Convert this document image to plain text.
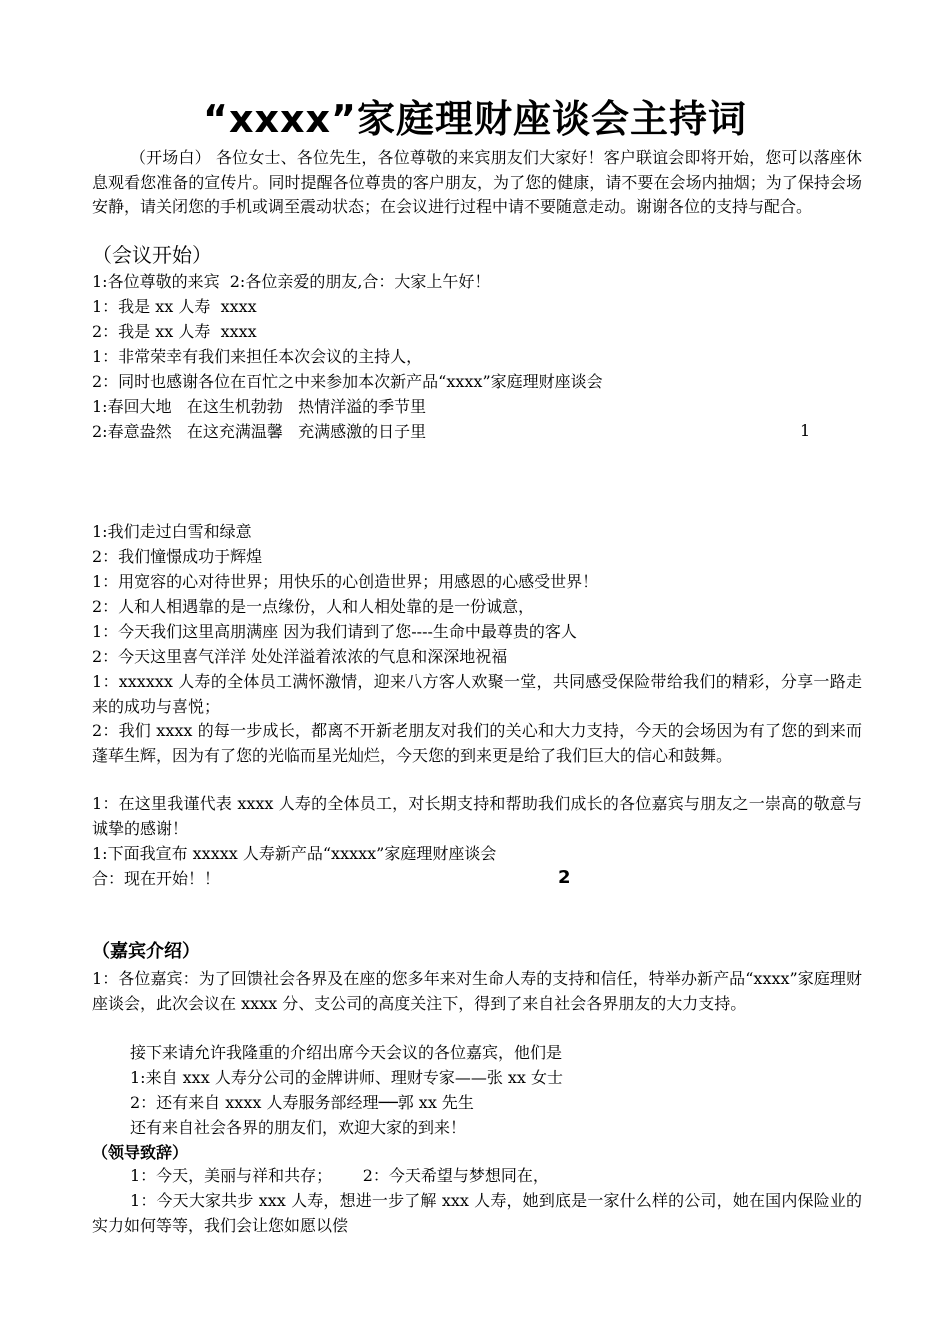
“xxxx”家庭理财座谈会主持词
（开场白） 各位女士、各位先生，各位尊敬的来宾朋友们大家好！客户联谊会即将开始，您可以落座休息观看您准备的宣传片。同时提醒各位尊贵的客户朋友，为了您的健康，请不要在会场内抽烟；为了保持会场安静，请关闭您的手机或调至震动状态；在会议进行过程中请不要随意走动。谢谢各位的支持与配合。
（会议开始）
1:各位尊敬的来宾  2:各位亲爱的朋友,合：大家上午好！
1：我是 xx 人寿  xxxx
2：我是 xx 人寿  xxxx
1：非常荣幸有我们来担任本次会议的主持人，
2：同时也感谢各位在百忙之中来参加本次新产品“xxxx”家庭理财座谈会
1:春回大地   在这生机勃勃   热情洋溢的季节里
2:春意盎然   在这充满温馨   充满感激的日子里	1
1:我们走过白雪和绿意
2：我们憧憬成功于辉煌
1：用宽容的心对待世界；用快乐的心创造世界；用感恩的心感受世界！
2：人和人相遇靠的是一点缘份，人和人相处靠的是一份诚意，
1：今天我们这里高朋满座 因为我们请到了您----生命中最尊贵的客人
2：今天这里喜气洋洋 处处洋溢着浓浓的气息和深深地祝福
1：xxxxxx 人寿的全体员工满怀激情，迎来八方客人欢聚一堂，共同感受保险带给我们的精彩，分享一路走来的成功与喜悦；
2：我们 xxxx 的每一步成长，都离不开新老朋友对我们的关心和大力支持，今天的会场因为有了您的到来而蓬荜生辉，因为有了您的光临而星光灿烂，今天您的到来更是给了我们巨大的信心和鼓舞。
1：在这里我谨代表 xxxx 人寿的全体员工，对长期支持和帮助我们成长的各位嘉宾与朋友之一崇高的敬意与诚挚的感谢！
1:下面我宣布 xxxxx 人寿新产品“xxxxx”家庭理财座谈会
合：现在开始！！	2
（嘉宾介绍）
1：各位嘉宾：为了回馈社会各界及在座的您多年来对生命人寿的支持和信任，特举办新产品“xxxx”家庭理财座谈会，此次会议在 xxxx 分、支公司的高度关注下，得到了来自社会各界朋友的大力支持。
接下来请允许我隆重的介绍出席今天会议的各位嘉宾，他们是
1:来自 xxx 人寿分公司的金牌讲师、理财专家——张 xx 女士
2：还有来自 xxxx 人寿服务部经理──郭 xx 先生
还有来自社会各界的朋友们，欢迎大家的到来！
（领导致辞）
1：今天，美丽与祥和共存；      2：今天希望与梦想同在，
1：今天大家共步 xxx 人寿，想进一步了解 xxx 人寿，她到底是一家什么样的公司，她在国内保险业的实力如何等等，我们会让您如愿以偿
